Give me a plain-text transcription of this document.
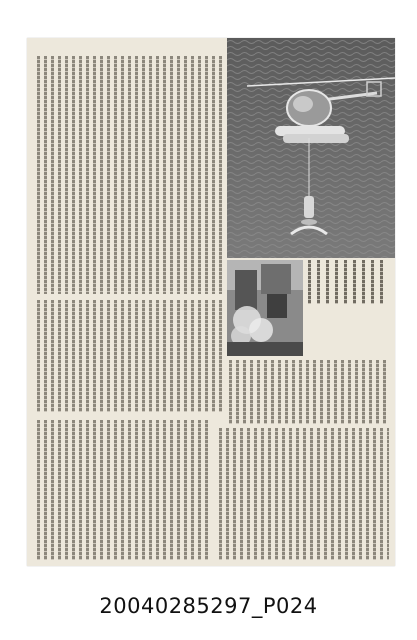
20040285297_P024
